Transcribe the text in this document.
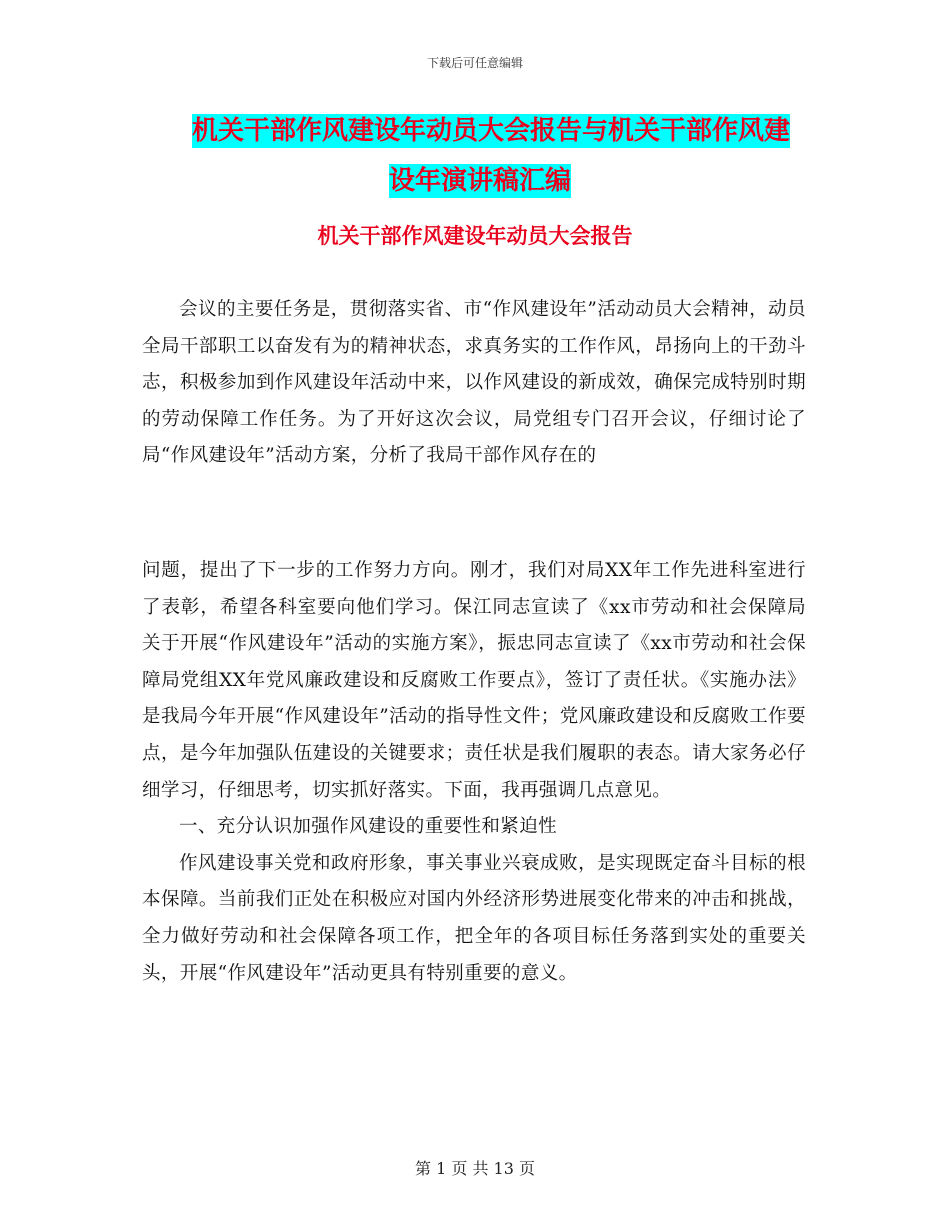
下载后可任意编辑
机关干部作风建设年动员大会报告与机关干部作风建
设年演讲稿汇编
机关干部作风建设年动员大会报告

会议的主要任务是，贯彻落实省、市“作风建设年”活动动员大会精神，动员全局干部职工以奋发有为的精神状态，求真务实的工作作风，昂扬向上的干劲斗志，积极参加到作风建设年活动中来，以作风建设的新成效，确保完成特别时期的劳动保障工作任务。为了开好这次会议，局党组专门召开会议，仔细讨论了局“作风建设年”活动方案，分析了我局干部作风存在的

问题，提出了下一步的工作努力方向。刚才，我们对局XX年工作先进科室进行了表彰，希望各科室要向他们学习。保江同志宣读了《xx市劳动和社会保障局关于开展“作风建设年”活动的实施方案》，振忠同志宣读了《xx市劳动和社会保障局党组XX年党风廉政建设和反腐败工作要点》，签订了责任状。《实施办法》是我局今年开展“作风建设年”活动的指导性文件；党风廉政建设和反腐败工作要点，是今年加强队伍建设的关键要求；责任状是我们履职的表态。请大家务必仔细学习，仔细思考，切实抓好落实。下面，我再强调几点意见。

一、充分认识加强作风建设的重要性和紧迫性

作风建设事关党和政府形象，事关事业兴衰成败，是实现既定奋斗目标的根本保障。当前我们正处在积极应对国内外经济形势进展变化带来的冲击和挑战，全力做好劳动和社会保障各项工作，把全年的各项目标任务落到实处的重要关头，开展“作风建设年”活动更具有特别重要的意义。

第 1 页 共 13 页
